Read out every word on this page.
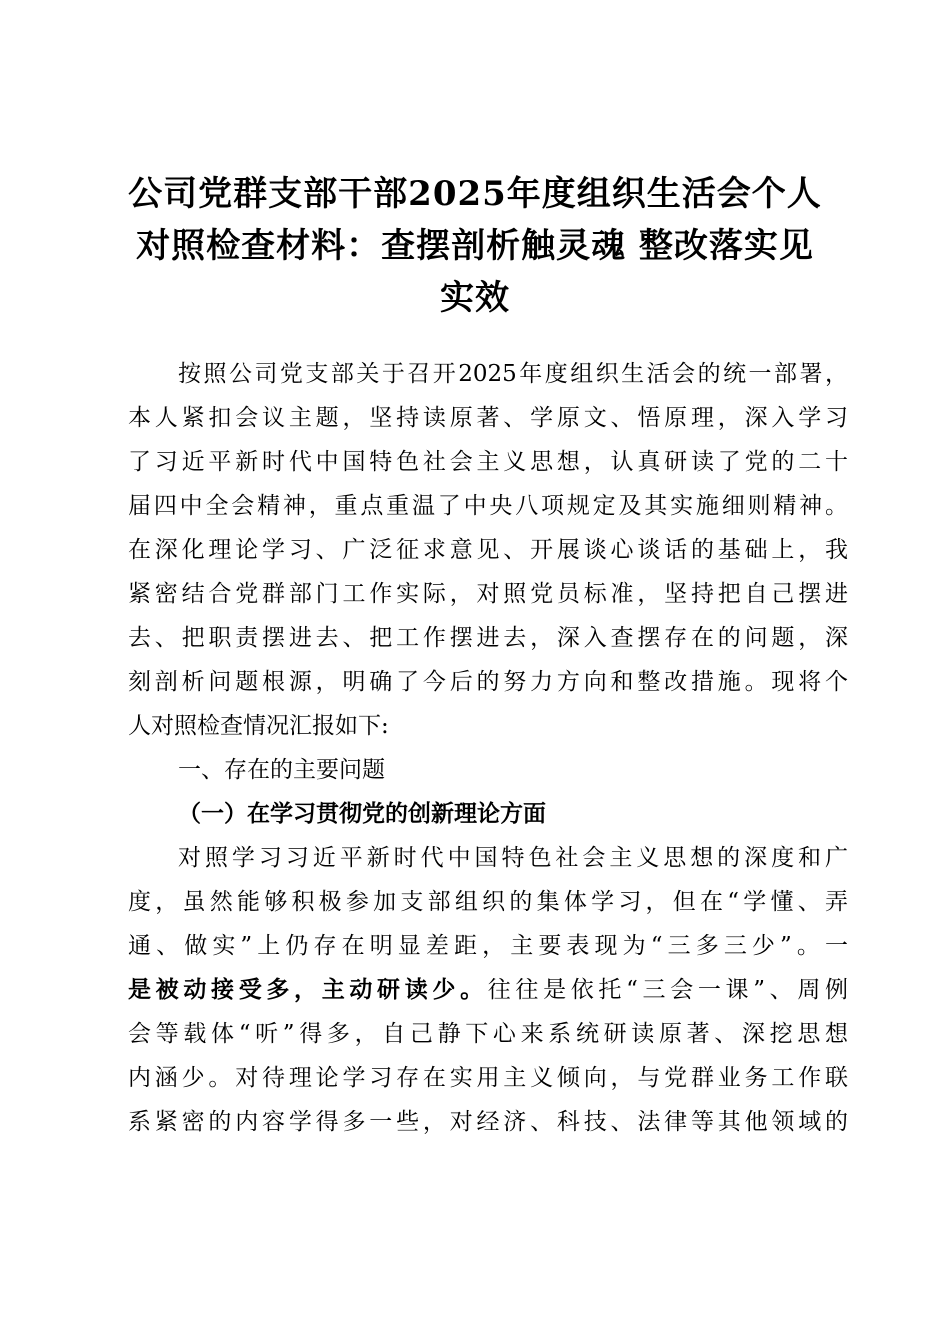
公司党群支部干部2025年度组织生活会个人
对照检查材料：查摆剖析触灵魂 整改落实见
实效
按照公司党支部关于召开2025年度组织生活会的统一部署，
本人紧扣会议主题，坚持读原著、学原文、悟原理，深入学习
了习近平新时代中国特色社会主义思想，认真研读了党的二十
届四中全会精神，重点重温了中央八项规定及其实施细则精神。
在深化理论学习、广泛征求意见、开展谈心谈话的基础上，我
紧密结合党群部门工作实际，对照党员标准，坚持把自己摆进
去、把职责摆进去、把工作摆进去，深入查摆存在的问题，深
刻剖析问题根源，明确了今后的努力方向和整改措施。现将个
人对照检查情况汇报如下:
一、存在的主要问题
（一）在学习贯彻党的创新理论方面
对照学习习近平新时代中国特色社会主义思想的深度和广
度，虽然能够积极参加支部组织的集体学习，但在“学懂、弄
通、做实”上仍存在明显差距，主要表现为“三多三少”。一
是被动接受多，主动研读少。往往是依托“三会一课”、周例
会等载体“听”得多，自己静下心来系统研读原著、深挖思想
内涵少。对待理论学习存在实用主义倾向，与党群业务工作联
系紧密的内容学得多一些，对经济、科技、法律等其他领域的
